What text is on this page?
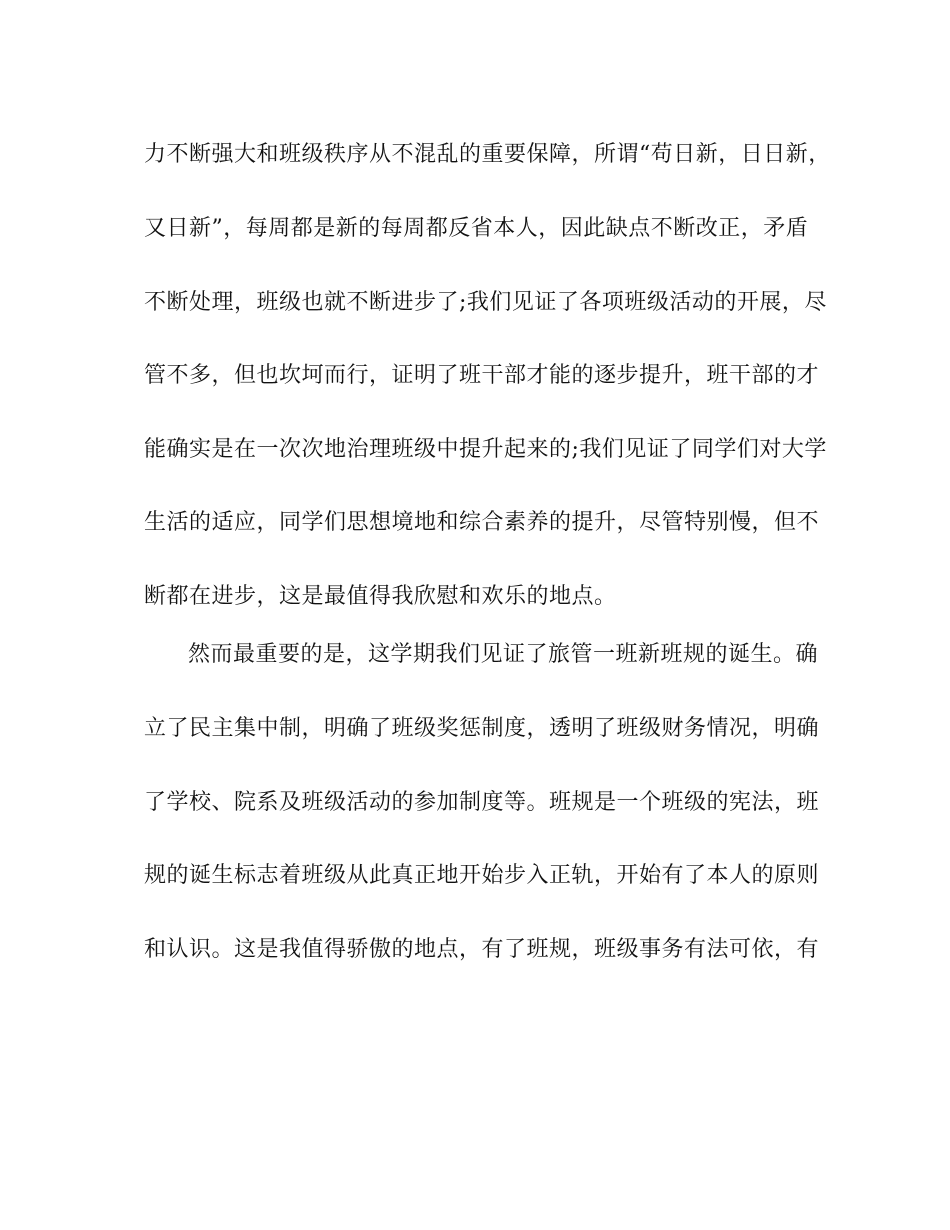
力不断强大和班级秩序从不混乱的重要保障，所谓“苟日新，日日新，
又日新”，每周都是新的每周都反省本人，因此缺点不断改正，矛盾
不断处理，班级也就不断进步了;我们见证了各项班级活动的开展，尽
管不多，但也坎坷而行，证明了班干部才能的逐步提升，班干部的才
能确实是在一次次地治理班级中提升起来的;我们见证了同学们对大学
生活的适应，同学们思想境地和综合素养的提升，尽管特别慢，但不
断都在进步，这是最值得我欣慰和欢乐的地点。
然而最重要的是，这学期我们见证了旅管一班新班规的诞生。确
立了民主集中制，明确了班级奖惩制度，透明了班级财务情况，明确
了学校、院系及班级活动的参加制度等。班规是一个班级的宪法，班
规的诞生标志着班级从此真正地开始步入正轨，开始有了本人的原则
和认识。这是我值得骄傲的地点，有了班规，班级事务有法可依，有
